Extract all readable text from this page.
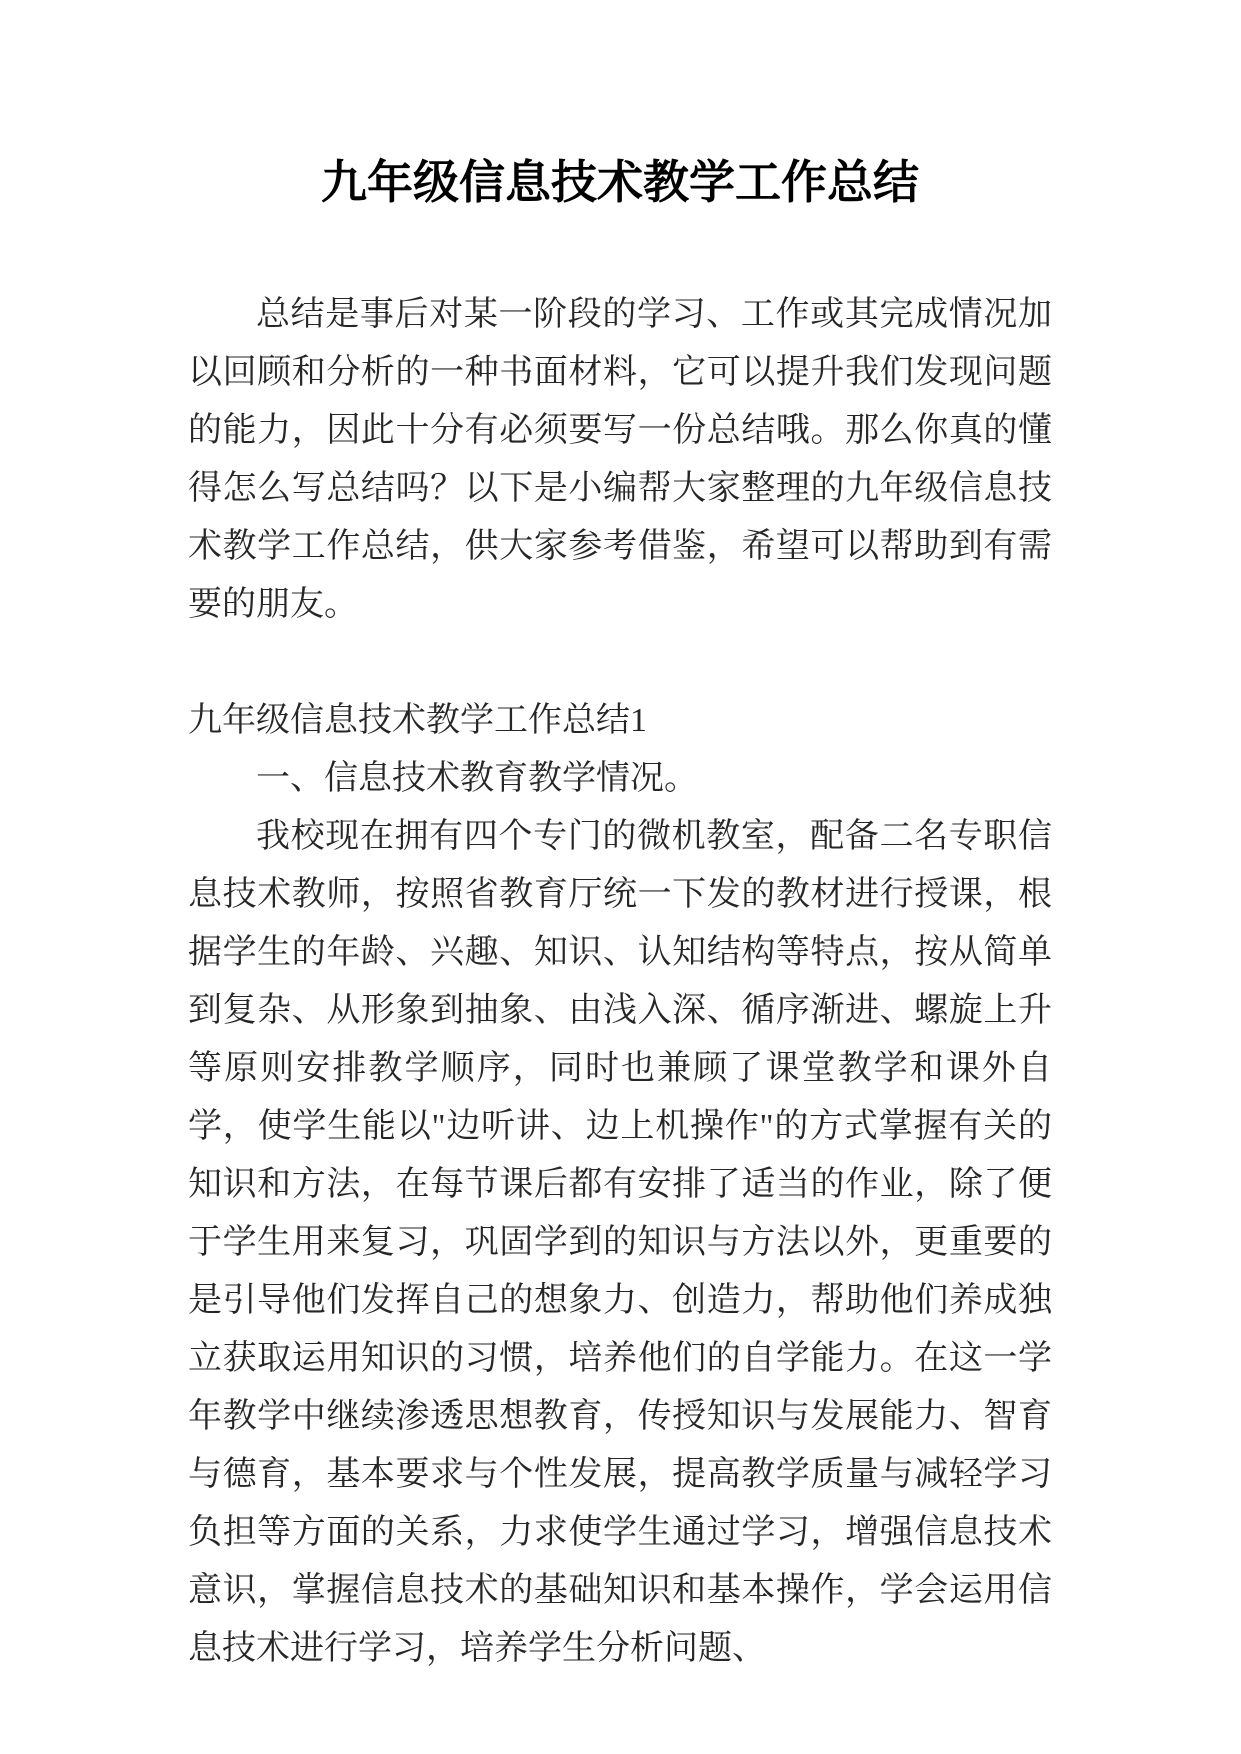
九年级信息技术教学工作总结

总结是事后对某一阶段的学习、工作或其完成情况加以回顾和分析的一种书面材料，它可以提升我们发现问题的能力，因此十分有必须要写一份总结哦。那么你真的懂得怎么写总结吗？以下是小编帮大家整理的九年级信息技术教学工作总结，供大家参考借鉴，希望可以帮助到有需要的朋友。

九年级信息技术教学工作总结1

一、信息技术教育教学情况。

我校现在拥有四个专门的微机教室，配备二名专职信息技术教师，按照省教育厅统一下发的教材进行授课，根据学生的年龄、兴趣、知识、认知结构等特点，按从简单到复杂、从形象到抽象、由浅入深、循序渐进、螺旋上升等原则安排教学顺序，同时也兼顾了课堂教学和课外自学，使学生能以"边听讲、边上机操作"的方式掌握有关的知识和方法，在每节课后都有安排了适当的作业，除了便于学生用来复习，巩固学到的知识与方法以外，更重要的是引导他们发挥自己的想象力、创造力，帮助他们养成独立获取运用知识的习惯，培养他们的自学能力。在这一学年教学中继续渗透思想教育，传授知识与发展能力、智育与德育，基本要求与个性发展，提高教学质量与减轻学习负担等方面的关系，力求使学生通过学习，增强信息技术意识，掌握信息技术的基础知识和基本操作，学会运用信息技术进行学习，培养学生分析问题、
